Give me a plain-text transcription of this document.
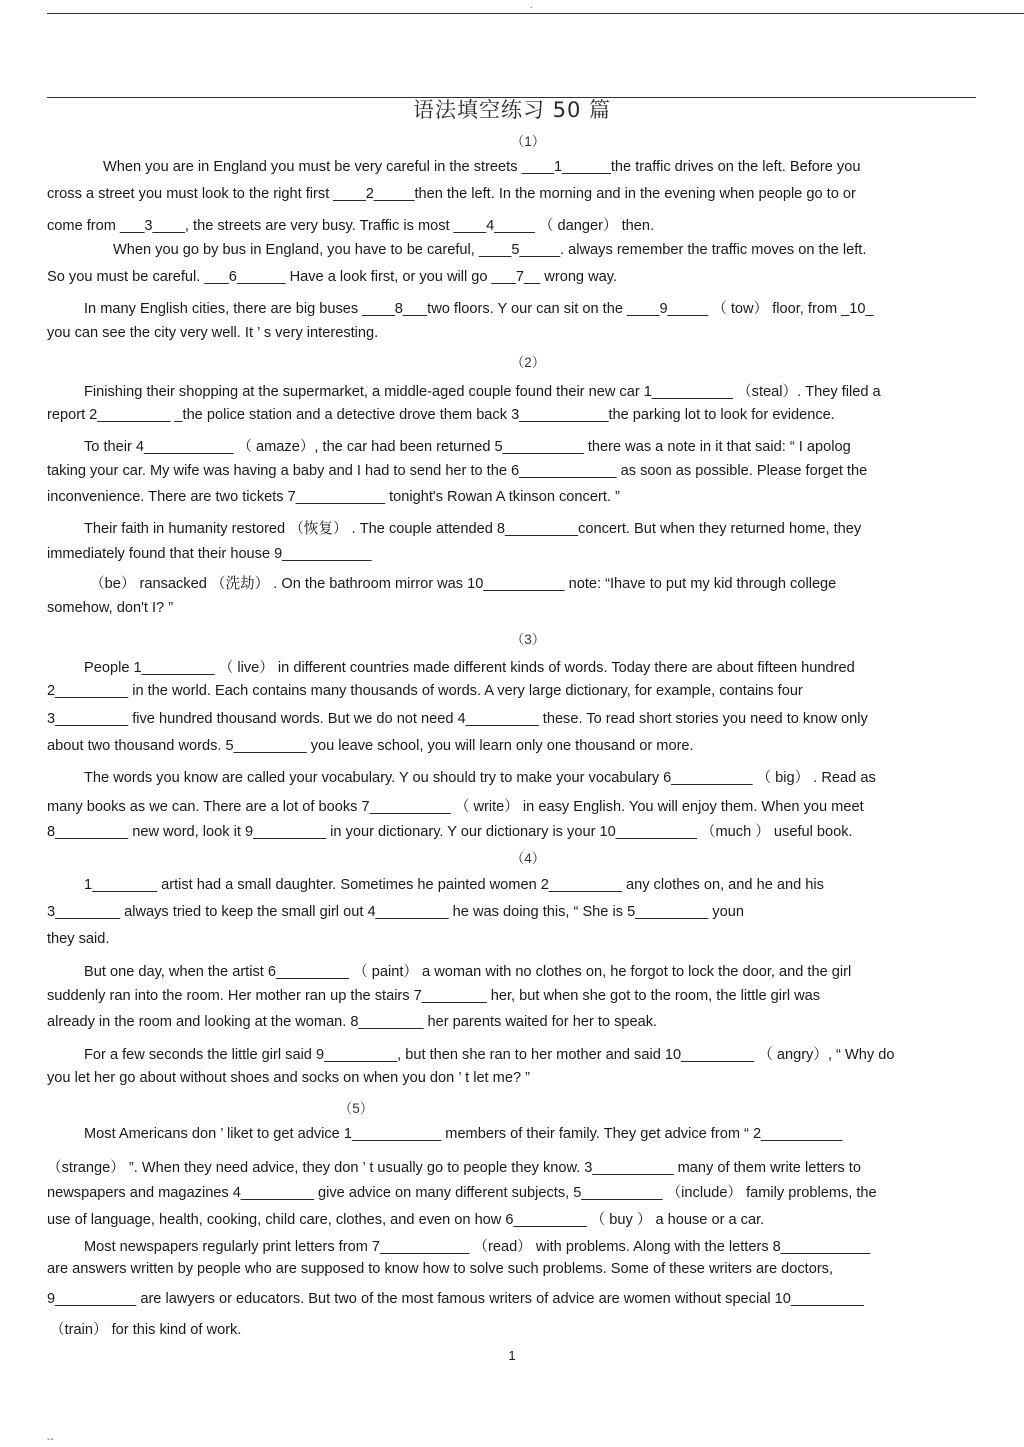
.
语法填空练习 50 篇
（1）
When you are in England you must be very careful in the streets ____1______the traffic drives on the left. Before you
cross a street you must look to the right first ____2_____then the left. In the morning and in the evening when people go to or
come from ___3____, the streets are very busy. Traffic is most ____4_____ （ danger） then.
When you go by bus in England, you have to be careful, ____5_____. always remember the traffic moves on the left.
So you must be careful. ___6______ Have a look first, or you will go ___7__ wrong way.
In many English cities, there are big buses ____8___two floors. Y our can sit on the ____9_____ （ tow） floor, from _10_
you can see the city very well. It ’ s very interesting.
（2）
Finishing their shopping at the supermarket, a middle-aged couple found their new car 1__________ （steal）. They filed a
report 2_________ _the police station and a detective drove them back 3___________the parking lot to look for evidence.
To their 4___________ （ amaze）, the car had been returned 5__________ there was a note in it that said: “ I apolog
taking your car. My wife was having a baby and I had to send her to the 6____________ as soon as possible. Please forget the
inconvenience. There are two tickets 7___________ tonight's Rowan A tkinson concert. ”
Their faith in humanity restored （恢复） . The couple attended 8_________concert. But when they returned home, they
immediately found that their house 9___________
（be） ransacked （洗劫） . On the bathroom mirror was 10__________ note: “Ihave to put my kid through college
somehow, don't I? ”
（3）
People 1_________ （ live） in different countries made different kinds of words. Today there are about fifteen hundred
2_________ in the world. Each contains many thousands of words. A very large dictionary, for example, contains four
3_________ five hundred thousand words. But we do not need 4_________ these. To read short stories you need to know only
about two thousand words. 5_________ you leave school, you will learn only one thousand or more.
The words you know are called your vocabulary. Y ou should try to make your vocabulary 6__________ （ big） . Read as
many books as we can. There are a lot of books 7__________ （ write） in easy English. You will enjoy them. When you meet
8_________ new word, look it 9_________ in your dictionary. Y our dictionary is your 10__________ （much ） useful book.
（4）
1________ artist had a small daughter. Sometimes he painted women 2_________ any clothes on, and he and his
3________ always tried to keep the small girl out 4_________ he was doing this, “ She is 5_________ youn
they said.
But one day, when the artist 6_________ （ paint） a woman with no clothes on, he forgot to lock the door, and the girl
suddenly ran into the room. Her mother ran up the stairs 7________ her, but when she got to the room, the little girl was
already in the room and looking at the woman. 8________ her parents waited for her to speak.
For a few seconds the little girl said 9_________, but then she ran to her mother and said 10_________ （ angry）, “ Why do
you let her go about without shoes and socks on when you don ’ t let me? ”
（5）
Most Americans don ’ liket to get advice 1___________ members of their family. They get advice from “ 2__________
（strange） ”. When they need advice, they don ’ t usually go to people they know. 3__________ many of them write letters to
newspapers and magazines 4_________ give advice on many different subjects, 5__________ （include） family problems, the
use of language, health, cooking, child care, clothes, and even on how 6_________ （ buy ） a house or a car.
Most newspapers regularly print letters from 7___________ （read） with problems. Along with the letters 8___________
are answers written by people who are supposed to know how to solve such problems. Some of these writers are doctors,
9__________ are lawyers or educators. But two of the most famous writers of advice are women without special 10_________
（train） for this kind of work.
1
--
